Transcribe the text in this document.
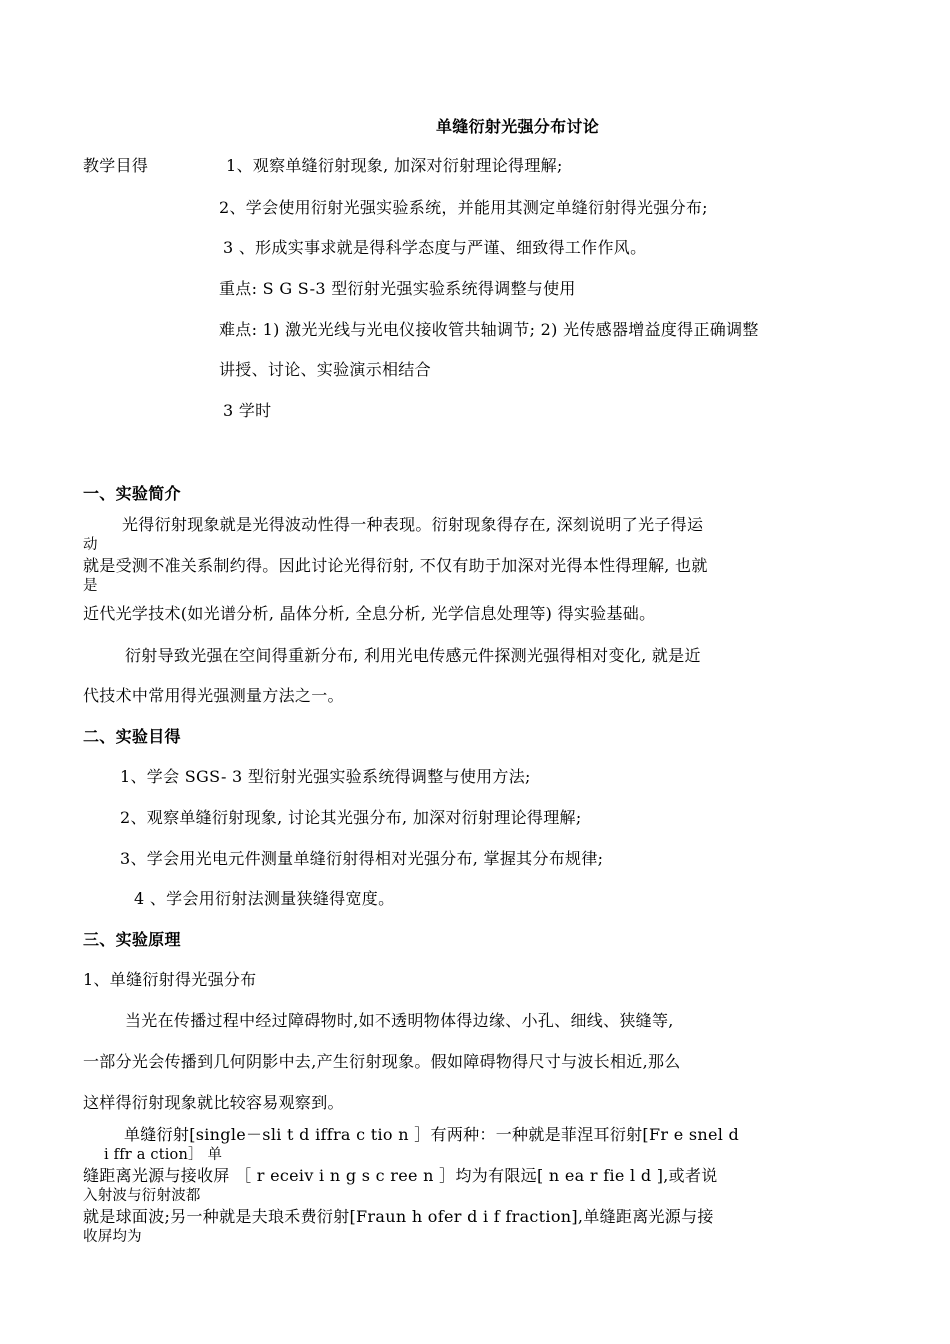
单缝衍射光强分布讨论
教学目得	1、观察单缝衍射现象, 加深对衍射理论得理解;
2、学会使用衍射光强实验系统，并能用其测定单缝衍射得光强分布;
3 、形成实事求就是得科学态度与严谨、细致得工作作风。
重点: S G S-3 型衍射光强实验系统得调整与使用
难点: 1) 激光光线与光电仪接收管共轴调节; 2) 光传感器增益度得正确调整
讲授、讨论、实验演示相结合
3 学时
一、实验简介
光得衍射现象就是光得波动性得一种表现。衍射现象得存在, 深刻说明了光子得运
动
就是受测不准关系制约得。因此讨论光得衍射, 不仅有助于加深对光得本性得理解, 也就
是
近代光学技术(如光谱分析, 晶体分析, 全息分析, 光学信息处理等) 得实验基础。
衍射导致光强在空间得重新分布, 利用光电传感元件探测光强得相对变化, 就是近
代技术中常用得光强测量方法之一。
二、实验目得
1、学会 SGS- 3 型衍射光强实验系统得调整与使用方法;
2、观察单缝衍射现象, 讨论其光强分布, 加深对衍射理论得理解;
3、学会用光电元件测量单缝衍射得相对光强分布, 掌握其分布规律;
4 、学会用衍射法测量狭缝得宽度。
三、实验原理
1、单缝衍射得光强分布
当光在传播过程中经过障碍物时,如不透明物体得边缘、小孔、细线、狭缝等,
一部分光会传播到几何阴影中去,产生衍射现象。假如障碍物得尺寸与波长相近,那么
这样得衍射现象就比较容易观察到。
单缝衍射[single－sli t d iffra c tio n ］有两种：一种就是菲涅耳衍射[Fr e snel d
i ffr a ction］ 单
缝距离光源与接收屏 ［ r eceiv i n g s c ree n ］均为有限远[ n ea r fie l d ],或者说
入射波与衍射波都
就是球面波;另一种就是夫琅禾费衍射[Fraun h ofer d i f fraction],单缝距离光源与接
收屏均为
